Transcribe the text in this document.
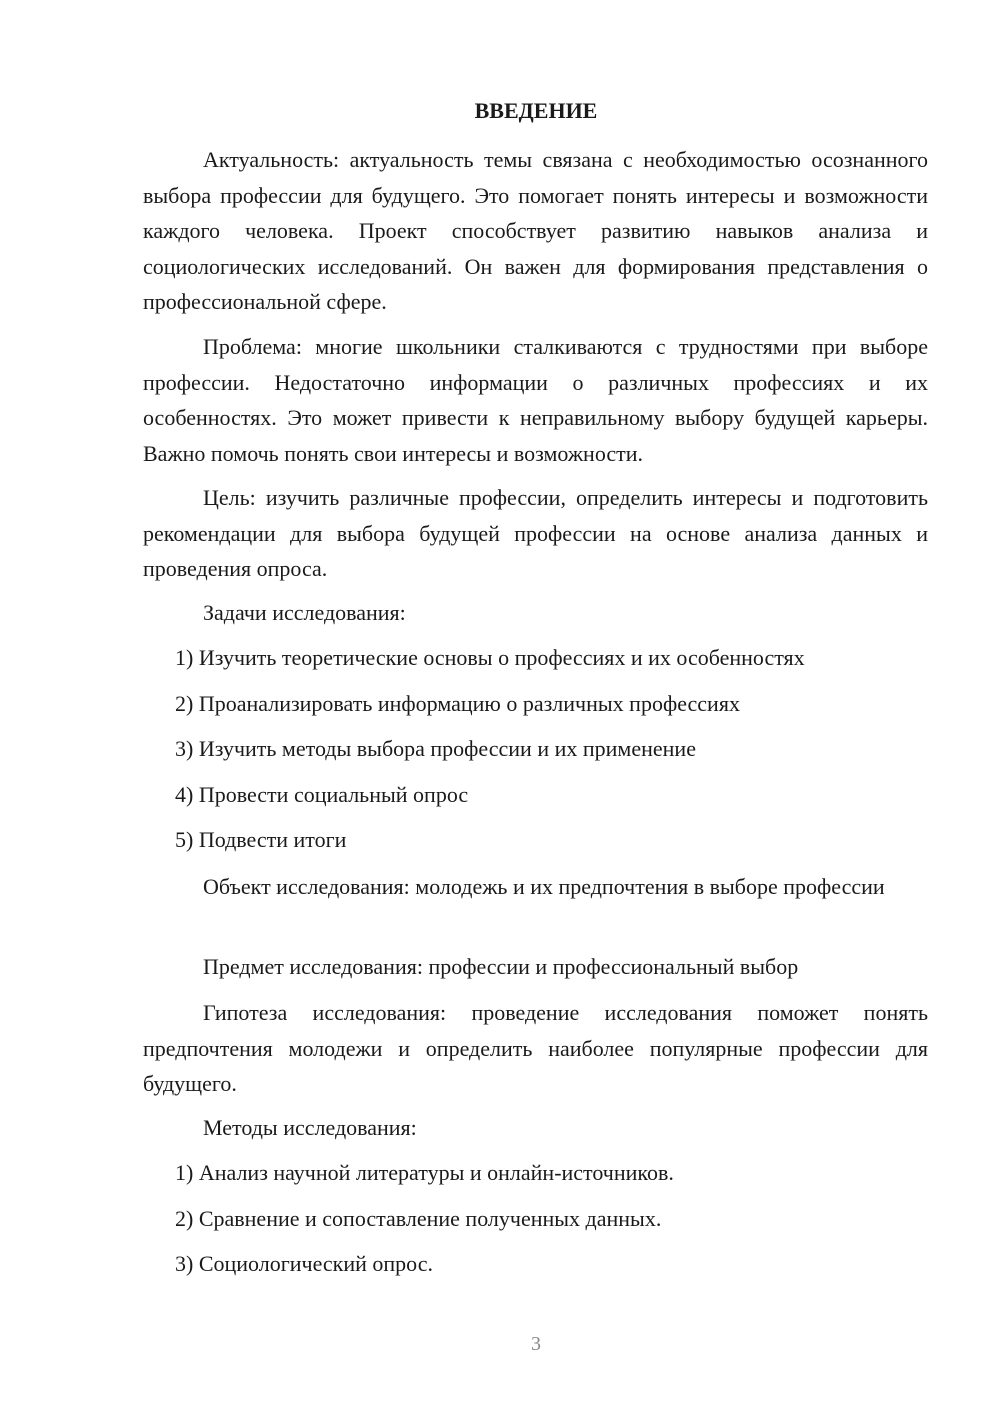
ВВЕДЕНИЕ
Актуальность: актуальность темы связана с необходимостью осознанного выбора профессии для будущего. Это помогает понять интересы и возможности каждого человека. Проект способствует развитию навыков анализа и социологических исследований. Он важен для формирования представления о профессиональной сфере.
Проблема: многие школьники сталкиваются с трудностями при выборе профессии. Недостаточно информации о различных профессиях и их особенностях. Это может привести к неправильному выбору будущей карьеры. Важно помочь понять свои интересы и возможности.
Цель: изучить различные профессии, определить интересы и подготовить рекомендации для выбора будущей профессии на основе анализа данных и проведения опроса.
Задачи исследования:
1) Изучить теоретические основы о профессиях и их особенностях
2) Проанализировать информацию о различных профессиях
3) Изучить методы выбора профессии и их применение
4) Провести социальный опрос
5) Подвести итоги
Объект исследования: молодежь и их предпочтения в выборе профессии
Предмет исследования: профессии и профессиональный выбор
Гипотеза исследования: проведение исследования поможет понять предпочтения молодежи и определить наиболее популярные профессии для будущего.
Методы исследования:
1) Анализ научной литературы и онлайн-источников.
2) Сравнение и сопоставление полученных данных.
3) Социологический опрос.
3
